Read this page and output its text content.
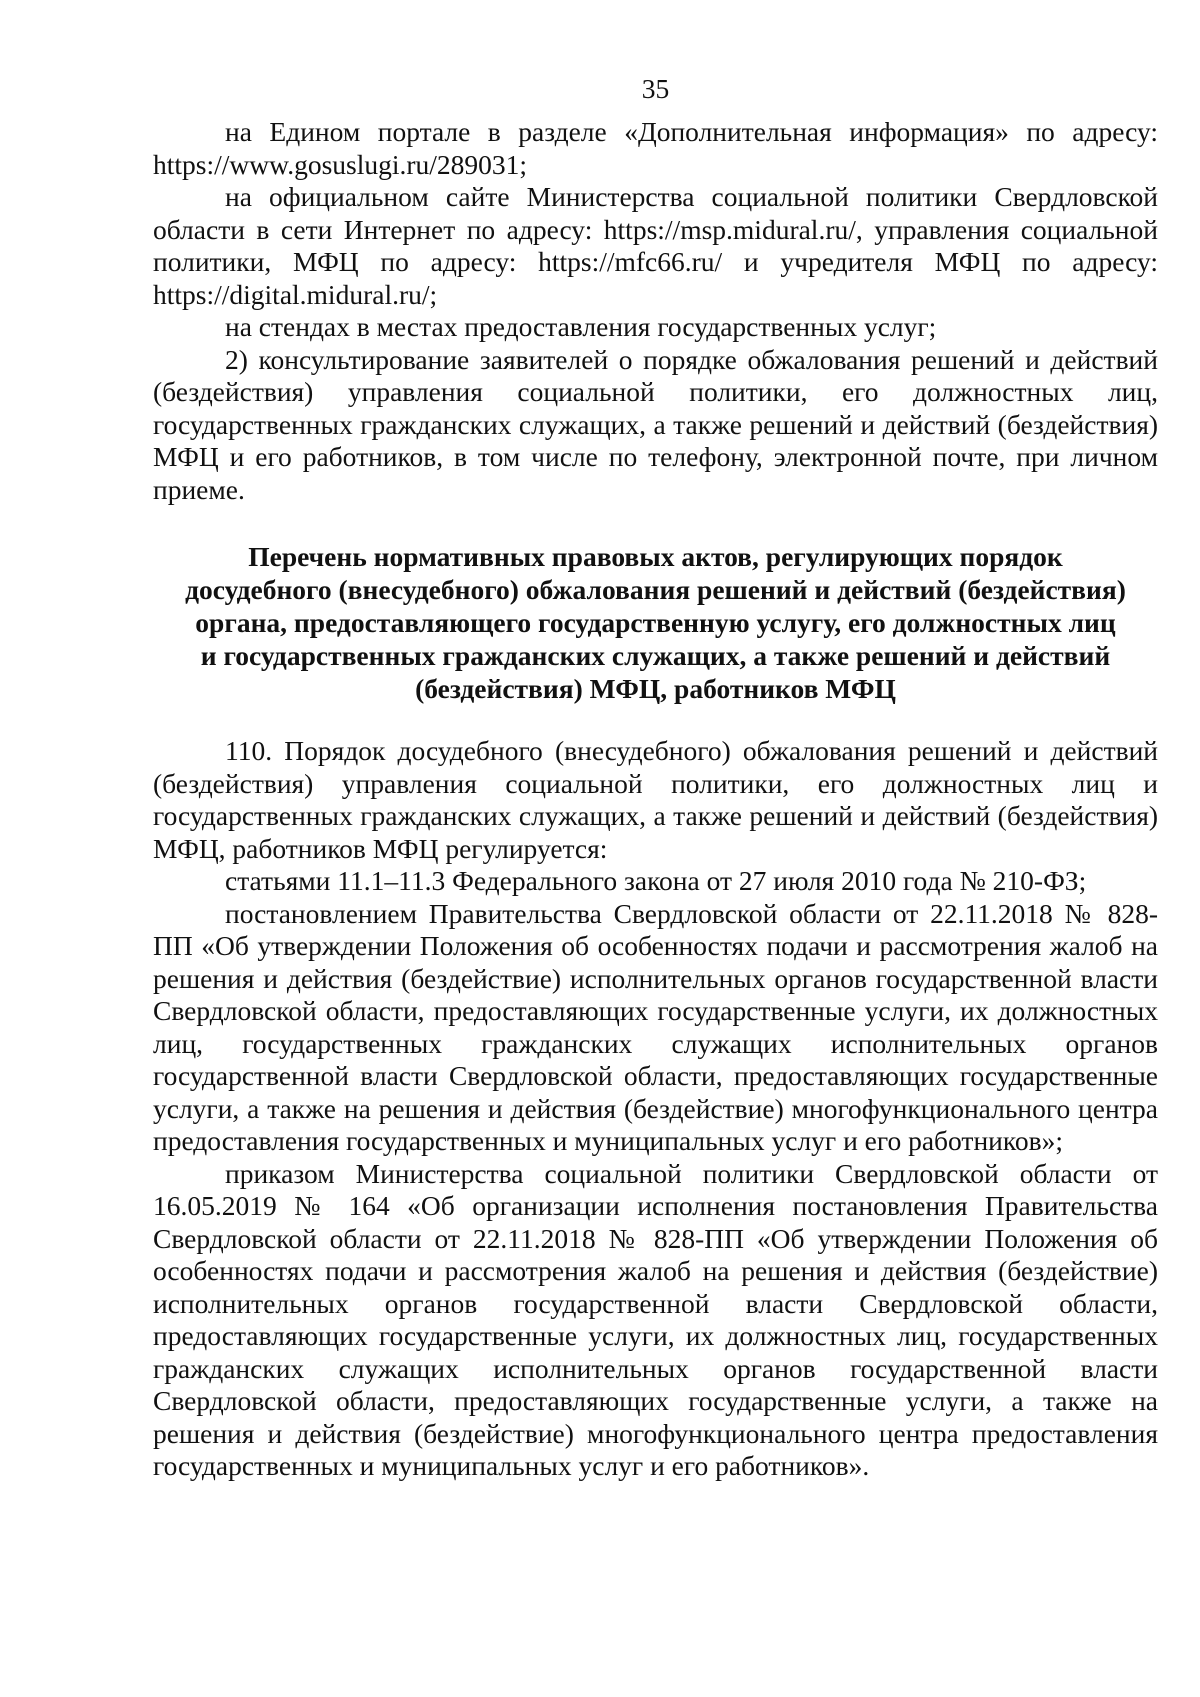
35

на Едином портале в разделе «Дополнительная информация» по адресу: https://www.gosuslugi.ru/289031;

на официальном сайте Министерства социальной политики Свердловской области в сети Интернет по адресу: https://msp.midural.ru/, управления социальной политики, МФЦ по адресу: https://mfc66.ru/ и учредителя МФЦ по адресу: https://digital.midural.ru/;

на стендах в местах предоставления государственных услуг;

2) консультирование заявителей о порядке обжалования решений и действий (бездействия) управления социальной политики, его должностных лиц, государственных гражданских служащих, а также решений и действий (бездействия) МФЦ и его работников, в том числе по телефону, электронной почте, при личном приеме.

Перечень нормативных правовых актов, регулирующих порядок
досудебного (внесудебного) обжалования решений и действий (бездействия)
органа, предоставляющего государственную услугу, его должностных лиц
и государственных гражданских служащих, а также решений и действий
(бездействия) МФЦ, работников МФЦ

110. Порядок досудебного (внесудебного) обжалования решений и действий (бездействия) управления социальной политики, его должностных лиц и государственных гражданских служащих, а также решений и действий (бездействия) МФЦ, работников МФЦ регулируется:

статьями 11.1–11.3 Федерального закона от 27 июля 2010 года № 210-ФЗ;

постановлением Правительства Свердловской области от 22.11.2018 № 828-ПП «Об утверждении Положения об особенностях подачи и рассмотрения жалоб на решения и действия (бездействие) исполнительных органов государственной власти Свердловской области, предоставляющих государственные услуги, их должностных лиц, государственных гражданских служащих исполнительных органов государственной власти Свердловской области, предоставляющих государственные услуги, а также на решения и действия (бездействие) многофункционального центра предоставления государственных и муниципальных услуг и его работников»;

приказом Министерства социальной политики Свердловской области от 16.05.2019 № 164 «Об организации исполнения постановления Правительства Свердловской области от 22.11.2018 № 828-ПП «Об утверждении Положения об особенностях подачи и рассмотрения жалоб на решения и действия (бездействие) исполнительных органов государственной власти Свердловской области, предоставляющих государственные услуги, их должностных лиц, государственных гражданских служащих исполнительных органов государственной власти Свердловской области, предоставляющих государственные услуги, а также на решения и действия (бездействие) многофункционального центра предоставления государственных и муниципальных услуг и его работников».
